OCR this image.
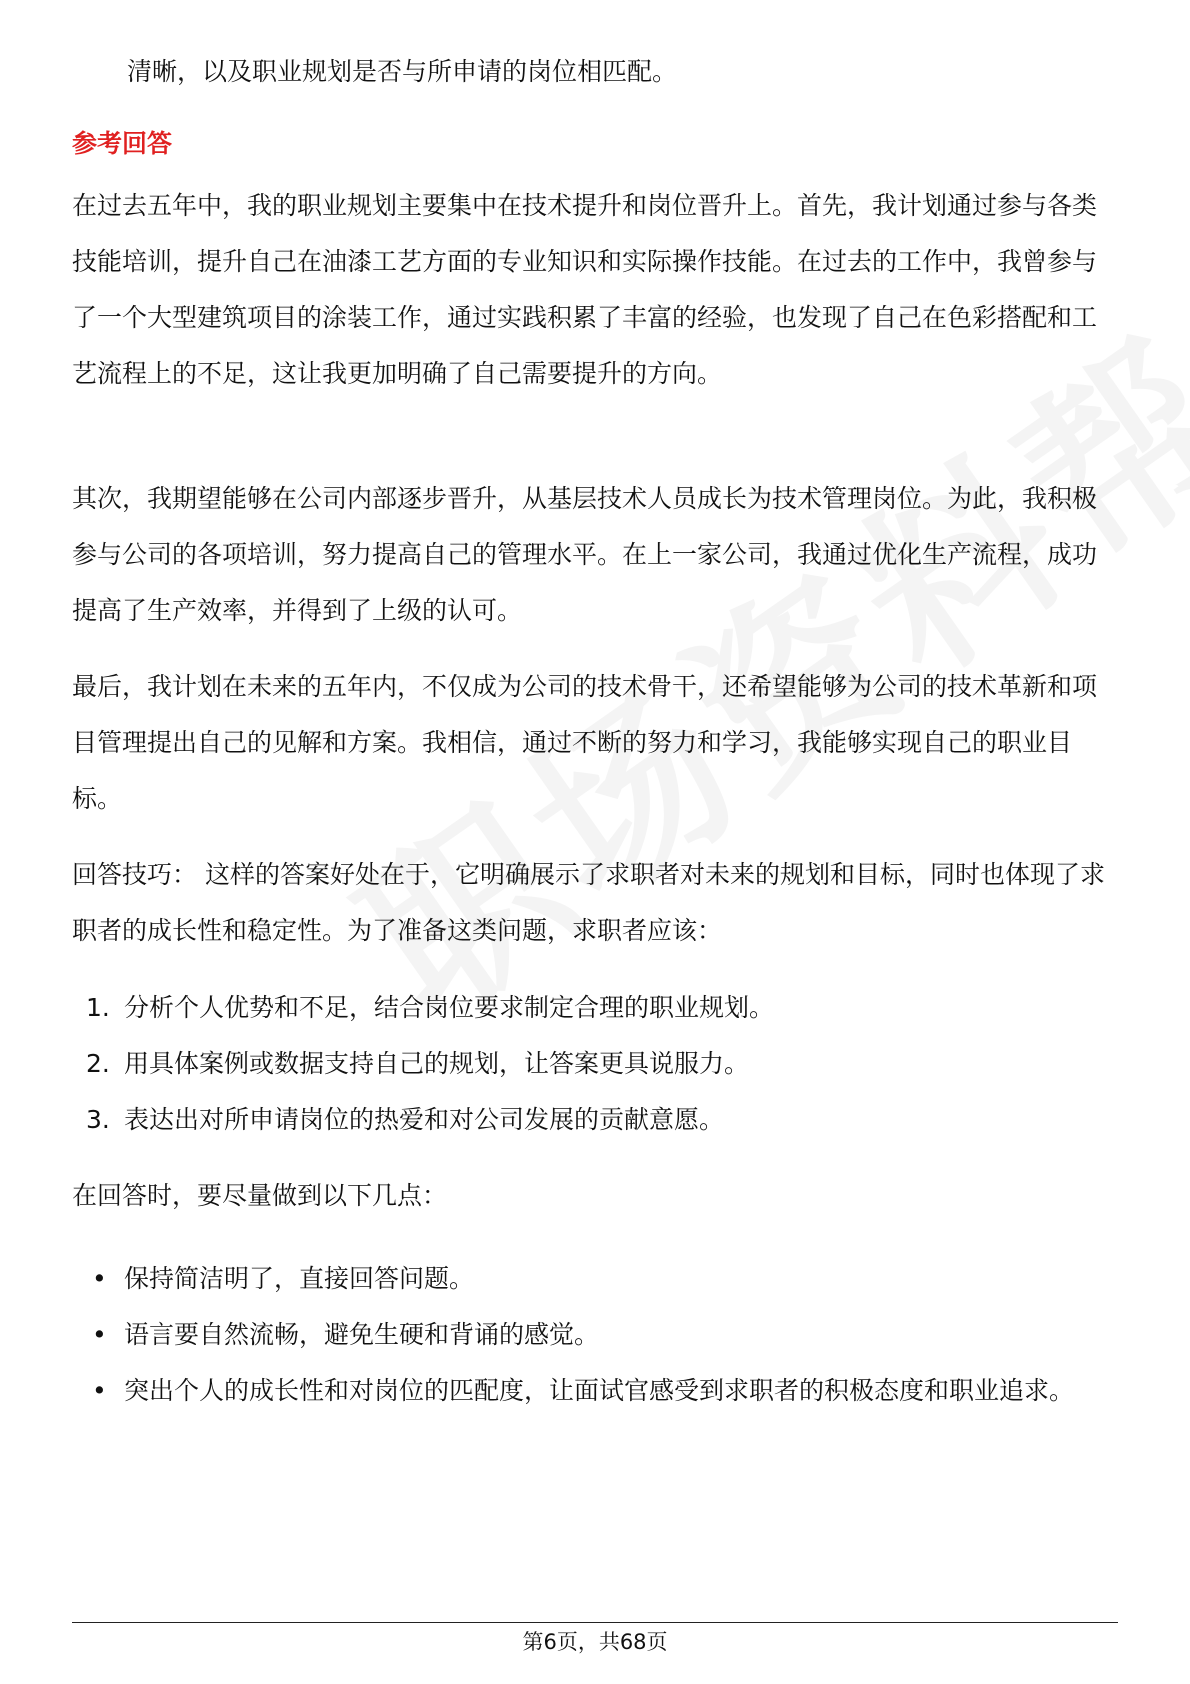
清晰，以及职业规划是否与所申请的岗位相匹配。

参考回答

在过去五年中，我的职业规划主要集中在技术提升和岗位晋升上。首先，我计划通过参与各类技能培训，提升自己在油漆工艺方面的专业知识和实际操作技能。在过去的工作中，我曾参与了一个大型建筑项目的涂装工作，通过实践积累了丰富的经验，也发现了自己在色彩搭配和工艺流程上的不足，这让我更加明确了自己需要提升的方向。

其次，我期望能够在公司内部逐步晋升，从基层技术人员成长为技术管理岗位。为此，我积极参与公司的各项培训，努力提高自己的管理水平。在上一家公司，我通过优化生产流程，成功提高了生产效率，并得到了上级的认可。

最后，我计划在未来的五年内，不仅成为公司的技术骨干，还希望能够为公司的技术革新和项目管理提出自己的见解和方案。我相信，通过不断的努力和学习，我能够实现自己的职业目标。

回答技巧： 这样的答案好处在于，它明确展示了求职者对未来的规划和目标，同时也体现了求职者的成长性和稳定性。为了准备这类问题，求职者应该：

1. 分析个人优势和不足，结合岗位要求制定合理的职业规划。
2. 用具体案例或数据支持自己的规划，让答案更具说服力。
3. 表达出对所申请岗位的热爱和对公司发展的贡献意愿。

在回答时，要尽量做到以下几点：

• 保持简洁明了，直接回答问题。
• 语言要自然流畅，避免生硬和背诵的感觉。
• 突出个人的成长性和对岗位的匹配度，让面试官感受到求职者的积极态度和职业追求。
第6页，共68页
